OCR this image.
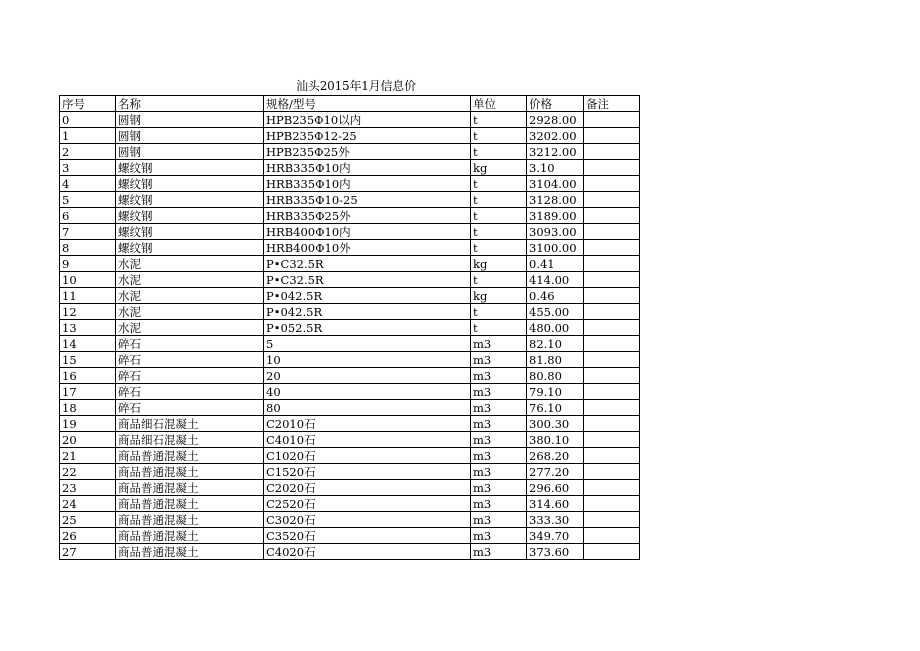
汕头2015年1月信息价
序号	名称	规格/型号	单位	价格	备注
0	圆钢	HPB235Φ10以内	t	2928.00	
1	圆钢	HPB235Φ12-25	t	3202.00	
2	圆钢	HPB235Φ25外	t	3212.00	
3	螺纹钢	HRB335Φ10内	kg	3.10	
4	螺纹钢	HRB335Φ10内	t	3104.00	
5	螺纹钢	HRB335Φ10-25	t	3128.00	
6	螺纹钢	HRB335Φ25外	t	3189.00	
7	螺纹钢	HRB400Φ10内	t	3093.00	
8	螺纹钢	HRB400Φ10外	t	3100.00	
9	水泥	P•C32.5R	kg	0.41	
10	水泥	P•C32.5R	t	414.00	
11	水泥	P•042.5R	kg	0.46	
12	水泥	P•042.5R	t	455.00	
13	水泥	P•052.5R	t	480.00	
14	碎石	5	m3	82.10	
15	碎石	10	m3	81.80	
16	碎石	20	m3	80.80	
17	碎石	40	m3	79.10	
18	碎石	80	m3	76.10	
19	商品细石混凝土	C2010石	m3	300.30	
20	商品细石混凝土	C4010石	m3	380.10	
21	商品普通混凝土	C1020石	m3	268.20	
22	商品普通混凝土	C1520石	m3	277.20	
23	商品普通混凝土	C2020石	m3	296.60	
24	商品普通混凝土	C2520石	m3	314.60	
25	商品普通混凝土	C3020石	m3	333.30	
26	商品普通混凝土	C3520石	m3	349.70	
27	商品普通混凝土	C4020石	m3	373.60	
